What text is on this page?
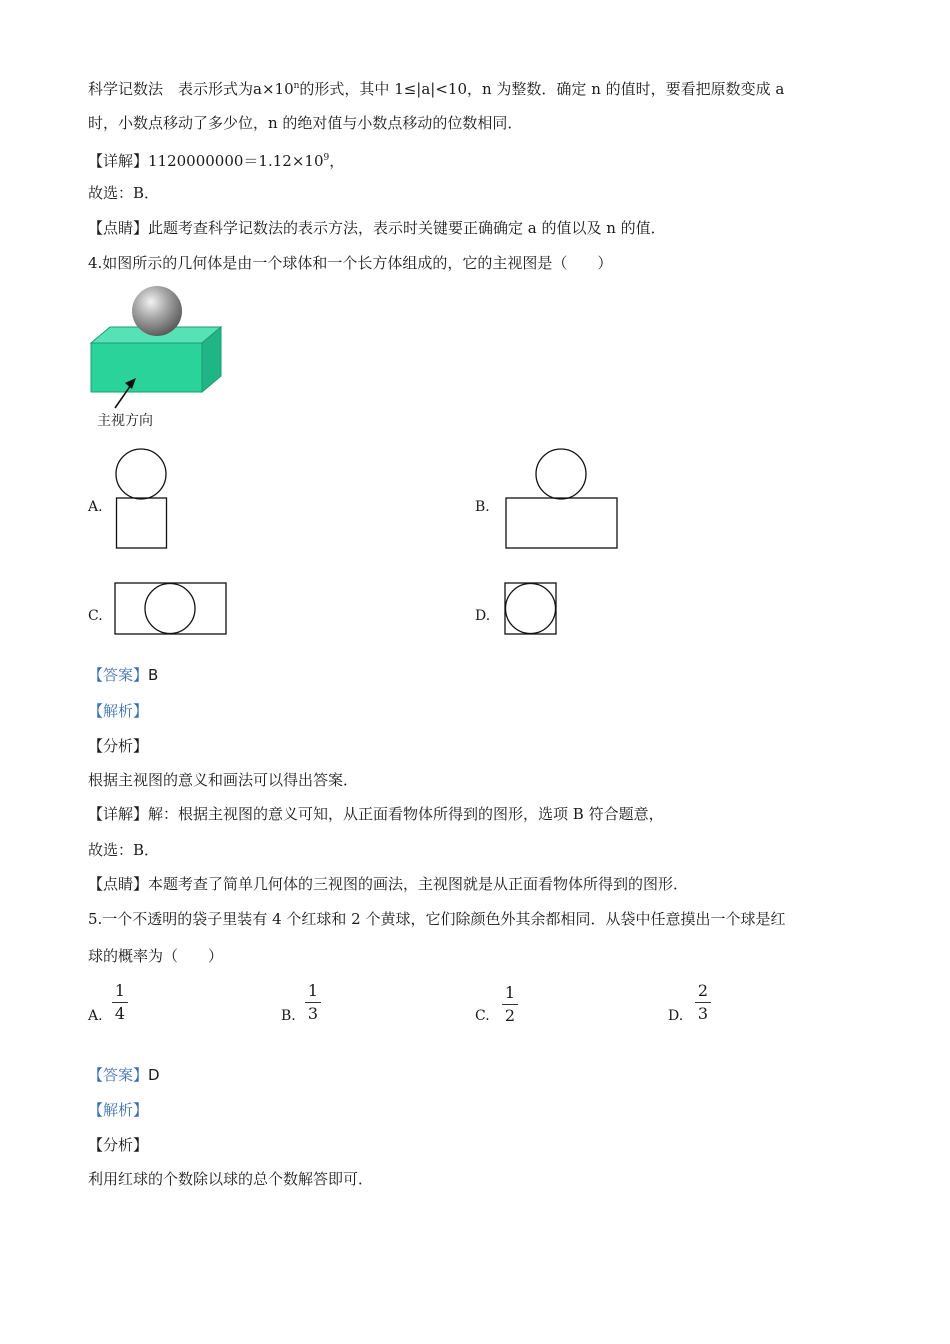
科学记数法　表示形式为$a\times 10^n$的形式，其中 1≤|a|<10，n 为整数．确定 n 的值时，要看把原数变成 a
时，小数点移动了多少位，n 的绝对值与小数点移动的位数相同．
【详解】$1120000000=1.12\times 10^9$，
故选：B．
【点睛】此题考查科学记数法的表示方法，表示时关键要正确确定 a 的值以及 n 的值．
4.如图所示的几何体是由一个球体和一个长方体组成的，它的主视图是（　　）
主视方向
A.	B.
C.	D.
【答案】B
【解析】
【分析】
根据主视图的意义和画法可以得出答案．
【详解】解：根据主视图的意义可知，从正面看物体所得到的图形，选项 B 符合题意，
故选：B．
【点睛】本题考查了简单几何体的三视图的画法，主视图就是从正面看物体所得到的图形．
5.一个不透明的袋子里装有 4 个红球和 2 个黄球，它们除颜色外其余都相同．从袋中任意摸出一个球是红
球的概率为（　　）
A.
1
4	B.
1
3	C.
1
2	D.
2
3
【答案】D
【解析】
【分析】
利用红球的个数除以球的总个数解答即可．
